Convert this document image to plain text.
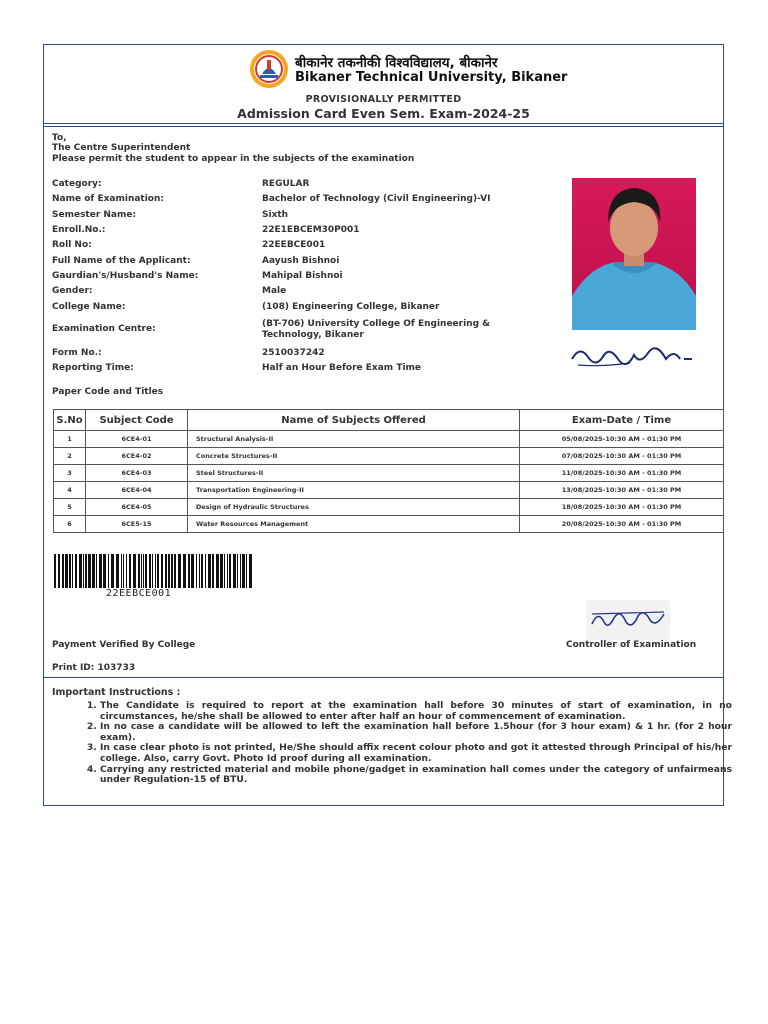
बीकानेर तकनीकी विश्वविद्यालय, बीकानेर
Bikaner Technical University, Bikaner
PROVISIONALLY PERMITTED
Admission Card Even Sem. Exam-2024-25
To,
The Centre Superintendent
Please permit the student to appear in the subjects of the examination
Category:	REGULAR
Name of Examination:	Bachelor of Technology (Civil Engineering)-VI
Semester Name:	Sixth
Enroll.No.:	22E1EBCEM30P001
Roll No:	22EEBCE001
Full Name of the Applicant:	Aayush Bishnoi
Gaurdian's/Husband's Name:	Mahipal Bishnoi
Gender:	Male
College Name:	(108) Engineering College, Bikaner
Examination Centre:	(BT-706) University College Of Engineering & Technology, Bikaner
Form No.:	2510037242
Reporting Time:	Half an Hour Before Exam Time
Paper Code and Titles
S.No	Subject Code	Name of Subjects Offered	Exam-Date / Time
1	6CE4-01	Structural Analysis-II	05/08/2025-10:30 AM - 01:30 PM
2	6CE4-02	Concrete Structures-II	07/08/2025-10:30 AM - 01:30 PM
3	6CE4-03	Steel Structures-II	11/08/2025-10:30 AM - 01:30 PM
4	6CE4-04	Transportation Engineering-II	13/08/2025-10:30 AM - 01:30 PM
5	6CE4-05	Design of Hydraulic Structures	18/08/2025-10:30 AM - 01:30 PM
6	6CE5-15	Water Resources Management	20/08/2025-10:30 AM - 01:30 PM
22EEBCE001
Payment Verified By College	Controller of Examination
Print ID: 103733
Important Instructions :
1. The Candidate is required to report at the examination hall before 30 minutes of start of examination, in no circumstances, he/she shall be allowed to enter after half an hour of commencement of examination.
2. In no case a candidate will be allowed to left the examination hall before 1.5hour (for 3 hour exam) & 1 hr. (for 2 hour exam).
3. In case clear photo is not printed, He/She should affix recent colour photo and got it attested through Principal of his/her college. Also, carry Govt. Photo Id proof during all examination.
4. Carrying any restricted material and mobile phone/gadget in examination hall comes under the category of unfairmeans under Regulation-15 of BTU.
